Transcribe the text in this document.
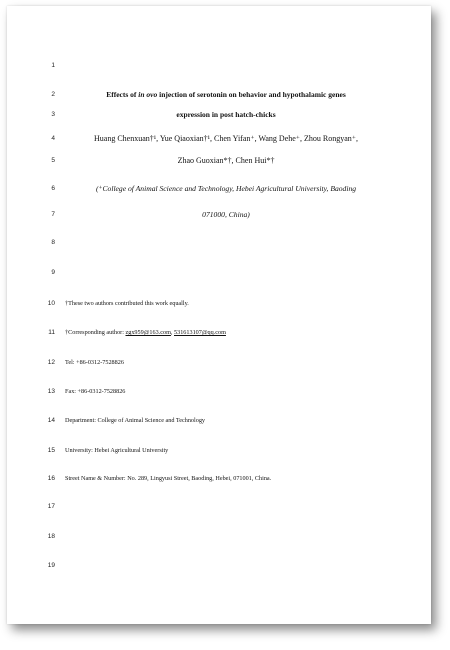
1
2	Effects of in ovo injection of serotonin on behavior and hypothalamic genes
3	expression in post hatch-chicks
4	Huang Chenxuan†¹, Yue Qiaoxian†¹, Chen Yifan⁺, Wang Dehe⁺, Zhou Rongyan⁺,
5	Zhao Guoxian*†, Chen Hui*†
6	(⁺College of Animal Science and Technology, Hebei Agricultural University, Baoding
7	071000, China)
8
9
10 †These two authors contributed this work equally.
11 †Corresponding author: zgx959@163.com, 531613107@qq.com
12 Tel: +86-0312-7528826
13 Fax: +86-0312-7528826
14 Department: College of Animal Science and Technology
15 University: Hebei Agricultural University
16 Street Name & Number: No. 289, Lingyusi Street, Baoding, Hebei, 071001, China.
17
18
19
